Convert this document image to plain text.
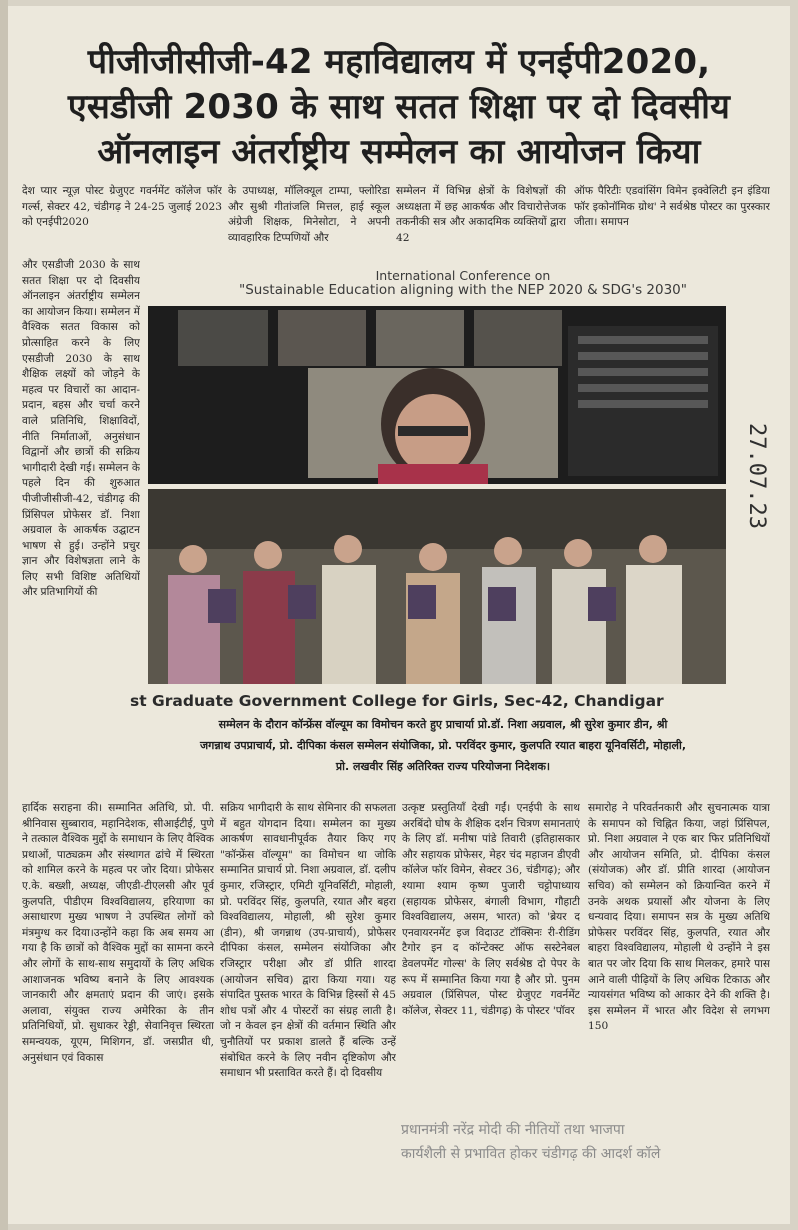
पीजीजीसीजी-42 महाविद्यालय में एनईपी2020,
एसडीजी 2030 के साथ सतत शिक्षा पर दो दिवसीय
ऑनलाइन अंतर्राष्ट्रीय सम्मेलन का आयोजन किया
देश प्यार न्यूज़ पोस्ट ग्रेजुएट गवर्नमेंट कॉलेज फॉर गर्ल्स, सेक्टर 42, चंडीगढ़ ने 24-25 जुलाई 2023 को एनईपी2020
के उपाध्यक्ष, मॉलिक्यूल टाम्पा, फ्लोरिडा और सुश्री गीतांजलि मित्तल, हाई स्कूल अंग्रेजी शिक्षक, मिनेसोटा, ने अपनी व्यावहारिक टिप्पणियों और
सम्मेलन में विभिन्न क्षेत्रों के विशेषज्ञों की अध्यक्षता में छह आकर्षक और विचारोत्तेजक तकनीकी सत्र और अकादमिक व्यक्तियों द्वारा 42
ऑफ पैरिटीः एडवांसिंग विमेन इक्वेलिटी इन इंडिया फॉर इकोनॉमिक ग्रोथ' ने सर्वश्रेष्ठ पोस्टर का पुरस्कार जीता। समापन
और एसडीजी 2030 के साथ सतत शिक्षा पर दो दिवसीय ऑनलाइन अंतर्राष्ट्रीय सम्मेलन का आयोजन किया। सम्मेलन में वैश्विक सतत विकास को प्रोत्साहित करने के लिए एसडीजी 2030 के साथ शैक्षिक लक्ष्यों को जोड़ने के महत्व पर विचारों का आदान-प्रदान, बहस और चर्चा करने वाले प्रतिनिधि, शिक्षाविदों, नीति निर्माताओं, अनुसंधान विद्वानों और छात्रों की सक्रिय भागीदारी देखी गई। सम्मेलन के पहले दिन की शुरुआत पीजीजीसीजी-42, चंडीगढ़ की प्रिंसिपल प्रोफेसर डॉ. निशा अग्रवाल के आकर्षक उद्घाटन भाषण से हुई। उन्होंने प्रचुर ज्ञान और विशेषज्ञता लाने के लिए सभी विशिष्ट अतिथियों और प्रतिभागियों की
International Conference on
"Sustainable Education aligning with the NEP 2020 & SDG's 2030"
27.07.23
st Graduate Government College for Girls, Sec-42, Chandigar
सम्मेलन के दौरान कॉन्फ्रेंस वॉल्यूम का विमोचन करते हुए प्राचार्या प्रो.डॉ. निशा अग्रवाल, श्री सुरेश कुमार डीन, श्री
जगन्नाथ उपप्राचार्य, प्रो. दीपिका कंसल सम्मेलन संयोजिका, प्रो. परविंदर कुमार, कुलपति रयात बाहरा यूनिवर्सिटी, मोहाली,
प्रो. लखवीर सिंह अतिरिक्त राज्य परियोजना निदेशक।
हार्दिक सराहना की। सम्मानित अतिथि, प्रो. पी. श्रीनिवास सुब्बाराव, महानिदेशक, सीआईटीई, पुणे ने तत्काल वैश्विक मुद्दों के समाधान के लिए वैश्विक प्रथाओं, पाठ्यक्रम और संस्थागत ढांचे में स्थिरता को शामिल करने के महत्व पर जोर दिया। प्रोफेसर ए.के. बख्शी, अध्यक्ष, जीएडी-टीएलसी और पूर्व कुलपति, पीडीएम विश्वविद्यालय, हरियाणा का असाधारण मुख्य भाषण ने उपस्थित लोगों को मंत्रमुग्ध कर दिया।उन्होंने कहा कि अब समय आ गया है कि छात्रों को वैश्विक मुद्दों का सामना करने और लोगों के साथ-साथ समुदायों के लिए अधिक आशाजनक भविष्य बनाने के लिए आवश्यक जानकारी और क्षमताएं प्रदान की जाएं। इसके अलावा, संयुक्त राज्य अमेरिका के तीन प्रतिनिधियों, प्रो. सुधाकर रेड्डी, सेवानिवृत्त स्थिरता समन्वयक, यूएम, मिशिगन, डॉ. जसप्रीत धी, अनुसंधान एवं विकास
सक्रिय भागीदारी के साथ सेमिनार की सफलता में बहुत योगदान दिया। सम्मेलन का मुख्य आकर्षण सावधानीपूर्वक तैयार किए गए "कॉन्फ्रेंस वॉल्यूम" का विमोचन था जोकि सम्मानित प्राचार्य प्रो. निशा अग्रवाल, डॉ. दलीप कुमार, रजिस्ट्रार, एमिटी यूनिवर्सिटी, मोहाली, प्रो. परविंदर सिंह, कुलपति, रयात और बहरा विश्वविद्यालय, मोहाली, श्री सुरेश कुमार (डीन), श्री जगन्नाथ (उप-प्राचार्य), प्रोफेसर दीपिका कंसल, सम्मेलन संयोजिका और रजिस्ट्रार परीक्षा और डॉ प्रीति शारदा (आयोजन सचिव) द्वारा किया गया। यह संपादित पुस्तक भारत के विभिन्न हिस्सों से 45 शोध पत्रों और 4 पोस्टरों का संग्रह लाती है। जो न केवल इन क्षेत्रों की वर्तमान स्थिति और चुनौतियों पर प्रकाश डालते हैं बल्कि उन्हें संबोधित करने के लिए नवीन दृष्टिकोण और समाधान भी प्रस्तावित करते हैं। दो दिवसीय
उत्कृष्ट प्रस्तुतियाँ देखी गईं। एनईपी के साथ अरबिंदो घोष के शैक्षिक दर्शन चित्रण समानताएं के लिए डॉ. मनीषा पांडे तिवारी (इतिहासकार और सहायक प्रोफेसर, मेहर चंद महाजन डीएवी कॉलेज फॉर विमेन, सेक्टर 36, चंडीगढ़); और श्यामा श्याम कृष्ण पुजारी चट्टोपाध्याय (सहायक प्रोफेसर, बंगाली विभाग, गौहाटी विश्वविद्यालय, असम, भारत) को 'ब्रेयर द एनवायरनमेंट इज विदाउट टॉक्सिनः री-रीडिंग टैगोर इन द कॉन्टेक्स्ट ऑफ सस्टेनेबल डेवलपमेंट गोल्स' के लिए सर्वश्रेष्ठ दो पेपर के रूप में सम्मानित किया गया है और प्रो. पुनम अग्रवाल (प्रिंसिपल, पोस्ट ग्रेजुएट गवर्नमेंट कॉलेज, सेक्टर 11, चंडीगढ़) के पोस्टर 'पॉवर
समारोह ने परिवर्तनकारी और सुचनात्मक यात्रा के समापन को चिह्नित किया, जहां प्रिंसिपल, प्रो. निशा अग्रवाल ने एक बार फिर प्रतिनिधियों और आयोजन समिति, प्रो. दीपिका कंसल (संयोजक) और डॉ. प्रीति शारदा (आयोजन सचिव) को सम्मेलन को क्रियान्वित करने में उनके अथक प्रयासों और योजना के लिए धन्यवाद दिया। समापन सत्र के मुख्य अतिथि प्रोफेसर परविंदर सिंह, कुलपति, रयात और बाहरा विश्वविद्यालय, मोहाली थे उन्होंने ने इस बात पर जोर दिया कि साथ मिलकर, हमारे पास आने वाली पीढ़ियों के लिए अधिक टिकाऊ और न्यायसंगत भविष्य को आकार देने की शक्ति है। इस सम्मेलन में भारत और विदेश से लगभग 150
प्रधानमंत्री नरेंद्र मोदी की नीतियों तथा भाजपा
कार्यशैली से प्रभावित होकर चंडीगढ़ की आदर्श कॉले
